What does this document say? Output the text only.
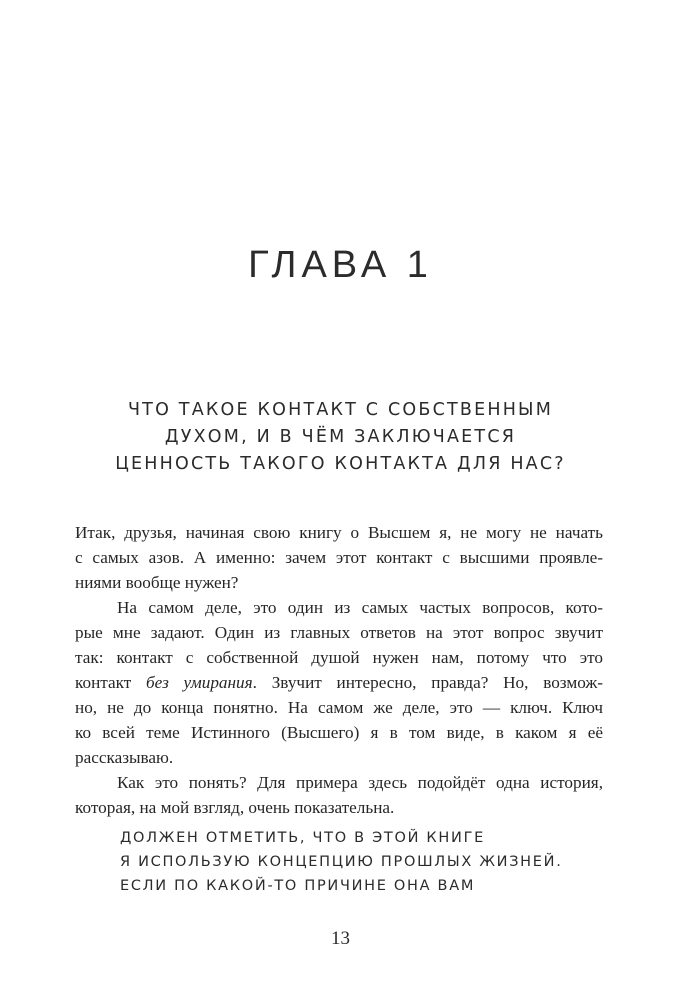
ГЛАВА 1
ЧТО ТАКОЕ КОНТАКТ С СОБСТВЕННЫМ
ДУХОМ, И В ЧЁМ ЗАКЛЮЧАЕТСЯ
ЦЕННОСТЬ ТАКОГО КОНТАКТА ДЛЯ НАС?
Итак, друзья, начиная свою книгу о Высшем я, не могу не начать
с самых азов. А именно: зачем этот контакт с высшими проявле-
ниями вообще нужен?
На самом деле, это один из самых частых вопросов, кото-
рые мне задают. Один из главных ответов на этот вопрос звучит
так: контакт с собственной душой нужен нам, потому что это
контакт без умирания. Звучит интересно, правда? Но, возмож-
но, не до конца понятно. На самом же деле, это — ключ. Ключ
ко всей теме Истинного (Высшего) я в том виде, в каком я её
рассказываю.
Как это понять? Для примера здесь подойдёт одна история,
которая, на мой взгляд, очень показательна.
ДОЛЖЕН ОТМЕТИТЬ, ЧТО В ЭТОЙ КНИГЕ
Я ИСПОЛЬЗУЮ КОНЦЕПЦИЮ ПРОШЛЫХ ЖИЗНЕЙ.
ЕСЛИ ПО КАКОЙ-ТО ПРИЧИНЕ ОНА ВАМ
13
